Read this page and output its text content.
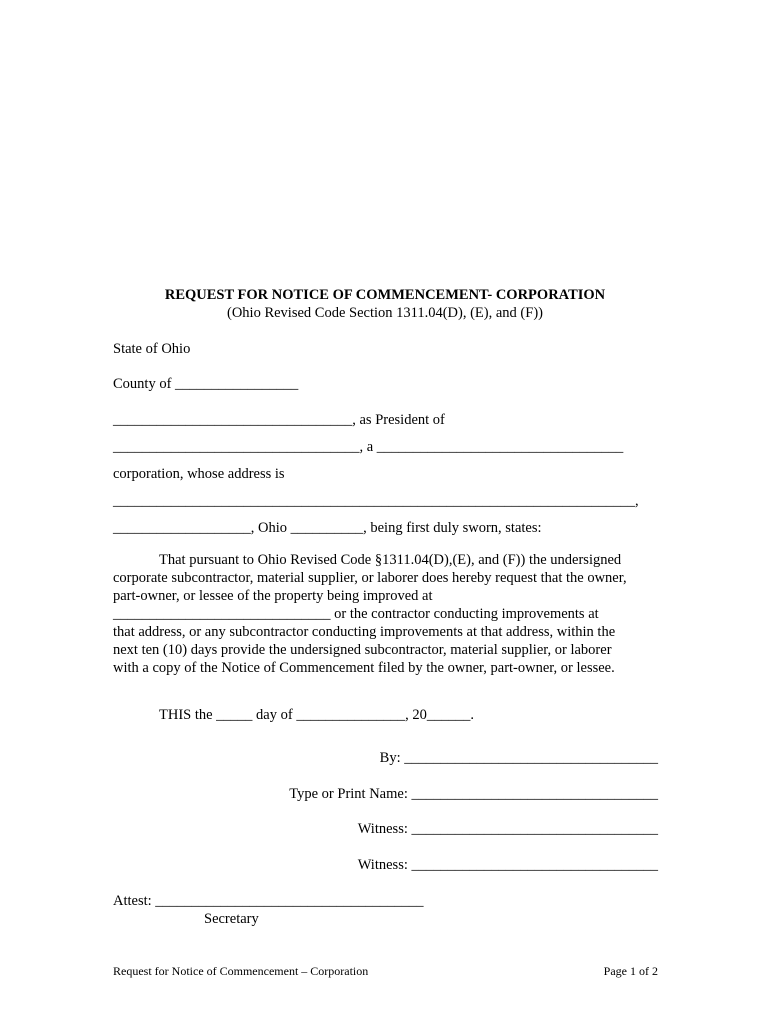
REQUEST FOR NOTICE OF COMMENCEMENT- CORPORATION
(Ohio Revised Code Section 1311.04(D), (E), and (F))
State of Ohio
County of _________________
_________________________________, as President of
__________________________________, a __________________________________
corporation, whose address is
________________________________________________________________________,
___________________, Ohio __________, being first duly sworn, states:
That pursuant to Ohio Revised Code §1311.04(D),(E), and (F)) the undersigned
corporate subcontractor, material supplier, or laborer does hereby request that the owner,
part-owner, or lessee of the property being improved at
______________________________ or the contractor conducting improvements at
that address, or any subcontractor conducting improvements at that address, within the
next ten (10) days provide the undersigned subcontractor, material supplier, or laborer
with a copy of the Notice of Commencement filed by the owner, part-owner, or lessee.
THIS the _____ day of _______________, 20______.
By: ___________________________________
Type or Print Name: __________________________________
Witness: __________________________________
Witness: __________________________________
Attest: _____________________________________
Secretary
Request for Notice of Commencement – Corporation	Page 1 of 2
